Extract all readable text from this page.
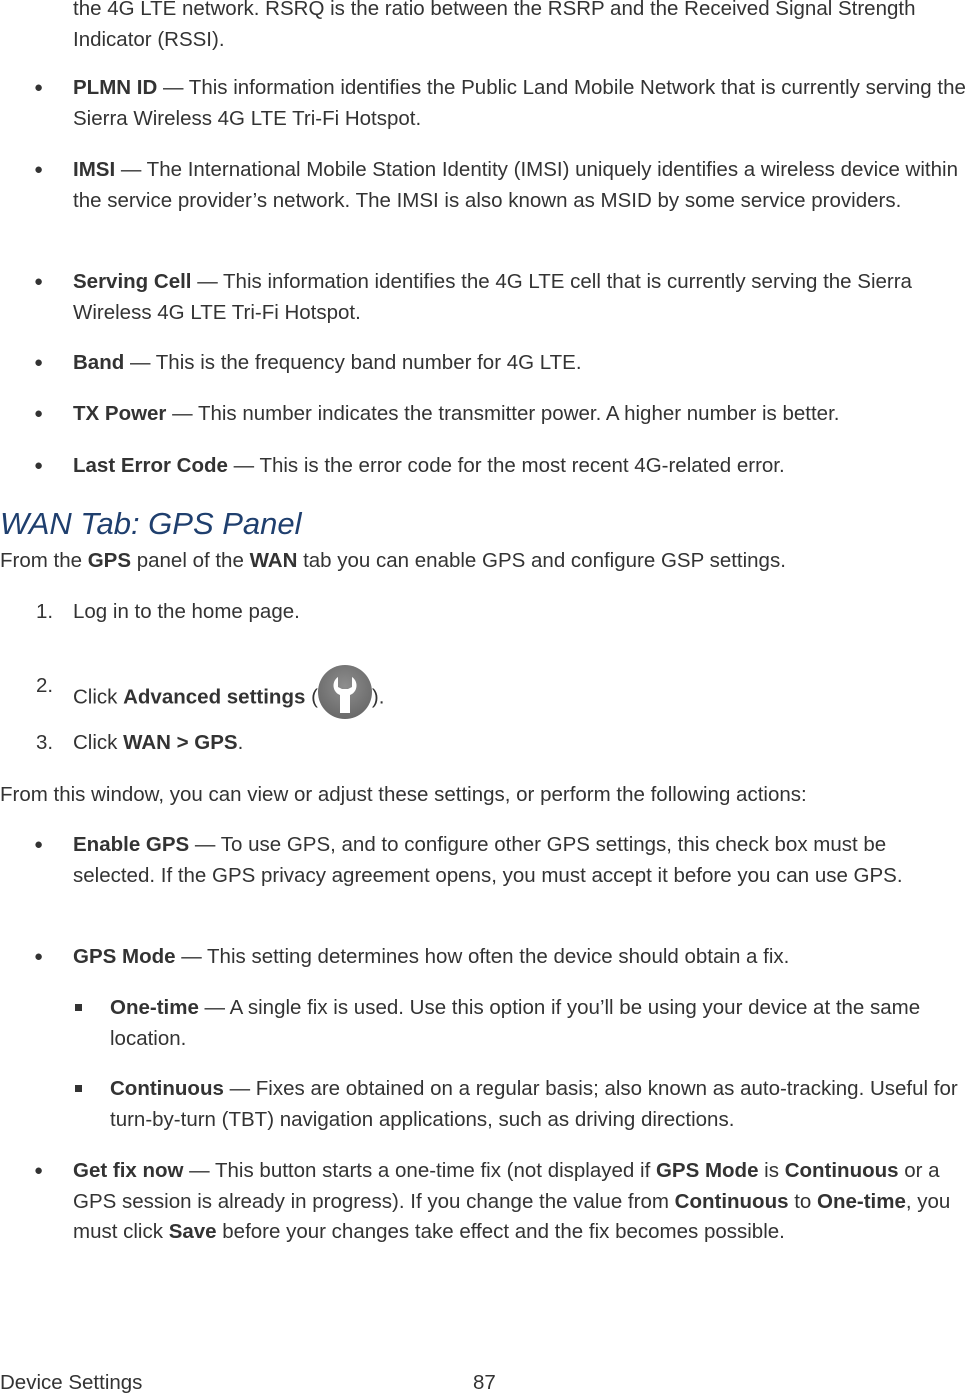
the 4G LTE network. RSRQ is the ratio between the RSRP and the Received Signal Strength Indicator (RSSI).

● PLMN ID — This information identifies the Public Land Mobile Network that is currently serving the Sierra Wireless 4G LTE Tri-Fi Hotspot.

● IMSI — The International Mobile Station Identity (IMSI) uniquely identifies a wireless device within the service provider’s network. The IMSI is also known as MSID by some service providers.

● Serving Cell — This information identifies the 4G LTE cell that is currently serving the Sierra Wireless 4G LTE Tri-Fi Hotspot.

● Band — This is the frequency band number for 4G LTE.

● TX Power — This number indicates the transmitter power. A higher number is better.

● Last Error Code — This is the error code for the most recent 4G-related error.

WAN Tab: GPS Panel

From the GPS panel of the WAN tab you can enable GPS and configure GSP settings.

1. Log in to the home page.

2. Click Advanced settings (	).

3. Click WAN > GPS.

From this window, you can view or adjust these settings, or perform the following actions:

● Enable GPS — To use GPS, and to configure other GPS settings, this check box must be selected. If the GPS privacy agreement opens, you must accept it before you can use GPS.

● GPS Mode — This setting determines how often the device should obtain a fix.

One-time — A single fix is used. Use this option if you’ll be using your device at the same location.

Continuous — Fixes are obtained on a regular basis; also known as auto-tracking. Useful for turn-by-turn (TBT) navigation applications, such as driving directions.

● Get fix now — This button starts a one-time fix (not displayed if GPS Mode is Continuous or a GPS session is already in progress). If you change the value from Continuous to One-time, you must click Save before your changes take effect and the fix becomes possible.

Device Settings	87
